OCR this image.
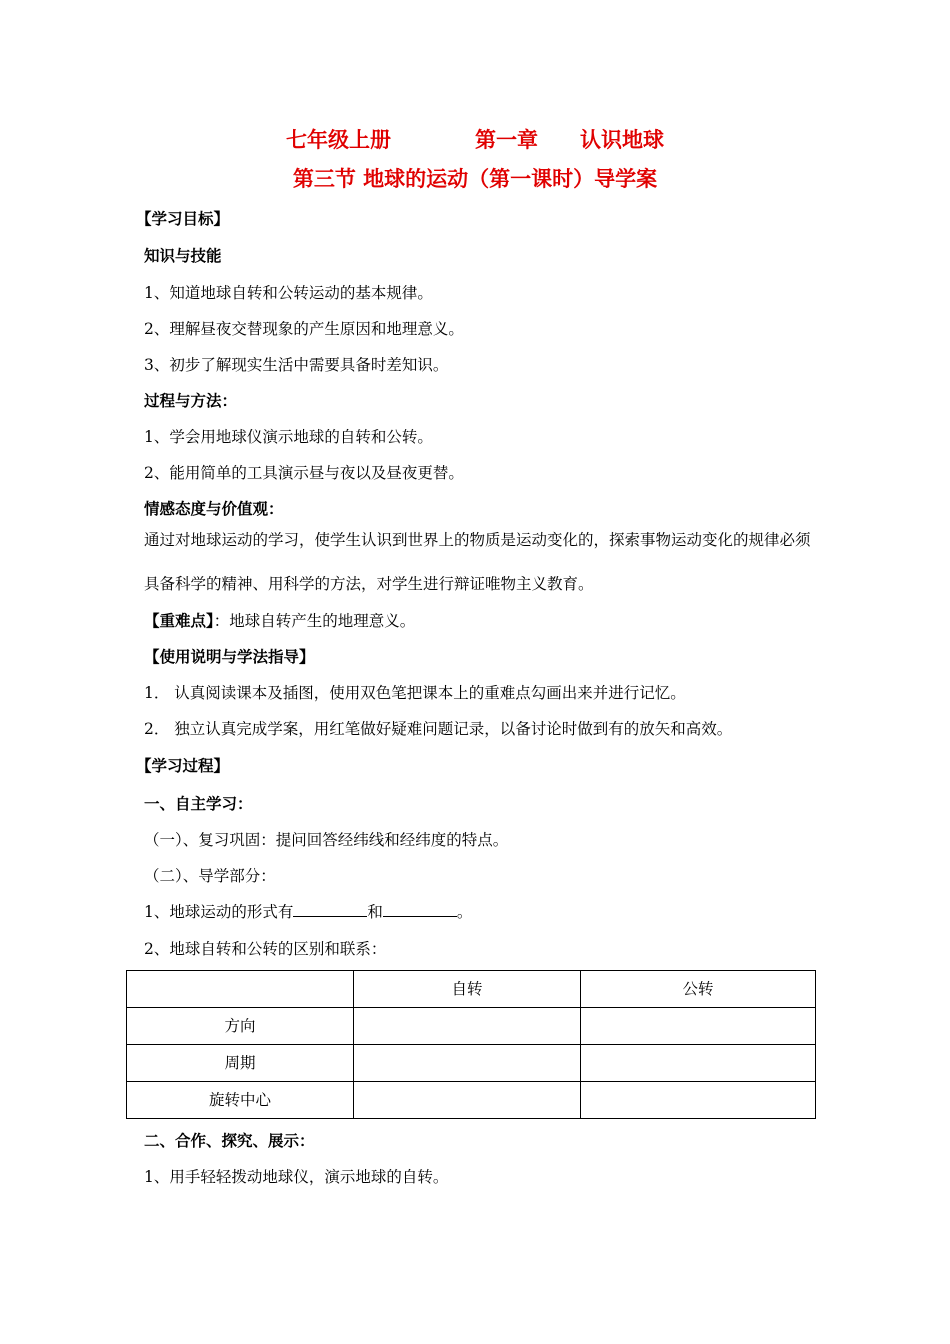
七年级上册　　　　第一章　　认识地球
第三节 地球的运动（第一课时）导学案
【学习目标】
知识与技能
1、知道地球自转和公转运动的基本规律。
2、理解昼夜交替现象的产生原因和地理意义。
3、初步了解现实生活中需要具备时差知识。
过程与方法：
1、学会用地球仪演示地球的自转和公转。
2、能用简单的工具演示昼与夜以及昼夜更替。
情感态度与价值观：
通过对地球运动的学习，使学生认识到世界上的物质是运动变化的，探索事物运动变化的规律必须具备科学的精神、用科学的方法，对学生进行辩证唯物主义教育。
【重难点】：地球自转产生的地理意义。
【使用说明与学法指导】
1． 认真阅读课本及插图，使用双色笔把课本上的重难点勾画出来并进行记忆。
2． 独立认真完成学案，用红笔做好疑难问题记录，以备讨论时做到有的放矢和高效。
【学习过程】
一、自主学习：
（一）、复习巩固：提问回答经纬线和经纬度的特点。
（二）、导学部分：
1、地球运动的形式有	和	。
2、地球自转和公转的区别和联系：
	自转	公转
方向		
周期		
旋转中心		
二、合作、探究、展示：
1、用手轻轻拨动地球仪，演示地球的自转。
